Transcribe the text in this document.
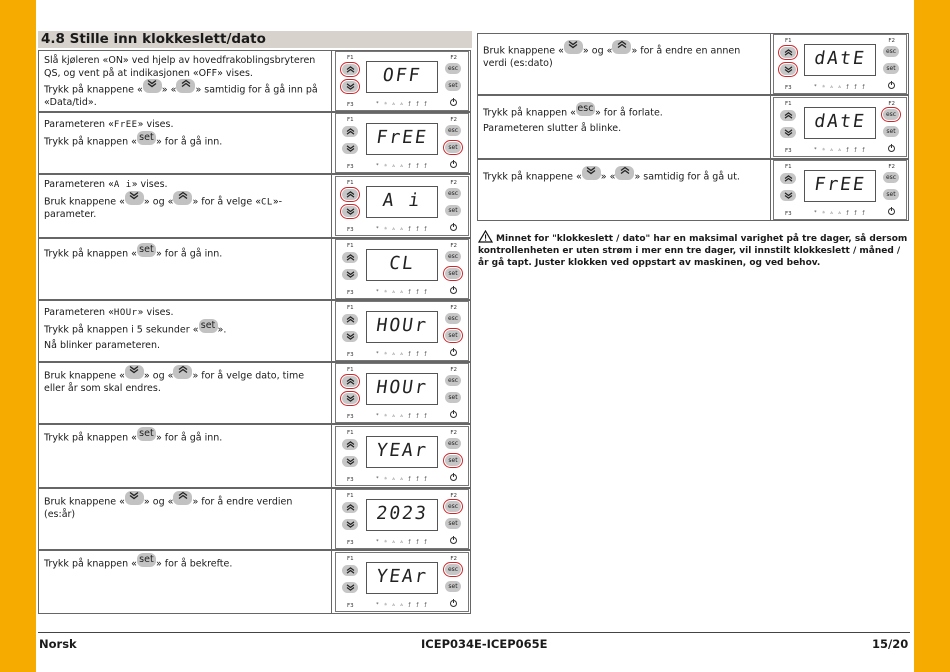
4.8 Stille inn klokkeslett/dato
Slå kjøleren «ON» ved hjelp av hovedfrakoblingsbryteren QS, og vent på at indikasjonen «OFF» vises.
Trykk på knappene « » « » samtidig for å gå inn på «Data/tid».
F1	F2
F3
OFF
* ☼ ⚠ ⚠ ƒ ƒ ƒ
esc
set
Parameteren «FrEE» vises.
Trykk på knappen « set » for å gå inn.
F1	F2
F3
FrEE
* ☼ ⚠ ⚠ ƒ ƒ ƒ
esc
set
Parameteren «A i» vises.
Bruk knappene « » og « » for å velge «CL»-parameter.
F1	F2
F3
A i
* ☼ ⚠ ⚠ ƒ ƒ ƒ
esc
set
Trykk på knappen « set » for å gå inn.
F1	F2
F3
CL
* ☼ ⚠ ⚠ ƒ ƒ ƒ
esc
set
Parameteren «HOUr» vises.
Trykk på knappen i 5 sekunder « set ».
Nå blinker parameteren.
F1	F2
F3
HOUr
* ☼ ⚠ ⚠ ƒ ƒ ƒ
esc
set
Bruk knappene « » og « » for å velge dato, time eller år som skal endres.
F1	F2
F3
HOUr
* ☼ ⚠ ⚠ ƒ ƒ ƒ
esc
set
Trykk på knappen « set » for å gå inn.	F1	F2
F3
YEAr
* ☼ ⚠ ⚠ ƒ ƒ ƒ
esc
set
Bruk knappene « » og « » for å endre verdien (es:år)
F1	F2
F3
2023
* ☼ ⚠ ⚠ ƒ ƒ ƒ
esc
set
Trykk på knappen « set » for å bekrefte.	F1	F2
F3
YEAr
* ☼ ⚠ ⚠ ƒ ƒ ƒ
esc
set
Bruk knappene « » og « » for å endre en annen verdi (es:dato)
F1	F2
F3
dAtE
* ☼ ⚠ ⚠ ƒ ƒ ƒ
esc
set
Trykk på knappen «esc» for å forlate.
Parameteren slutter å blinke.
F1	F2
F3
dAtE
* ☼ ⚠ ⚠ ƒ ƒ ƒ
esc
set
Trykk på knappene « » « » samtidig for å gå ut.
F1	F2
F3
FrEE
* ☼ ⚠ ⚠ ƒ ƒ ƒ
esc
set
Minnet for "klokkeslett / dato" har en maksimal varighet på tre dager, så dersom kontrollenheten er uten strøm i mer enn tre dager, vil innstilt klokkeslett / måned / år gå tapt. Juster klokken ved oppstart av maskinen, og ved behov.
Norsk	ICEP034E-ICEP065E	15/20
